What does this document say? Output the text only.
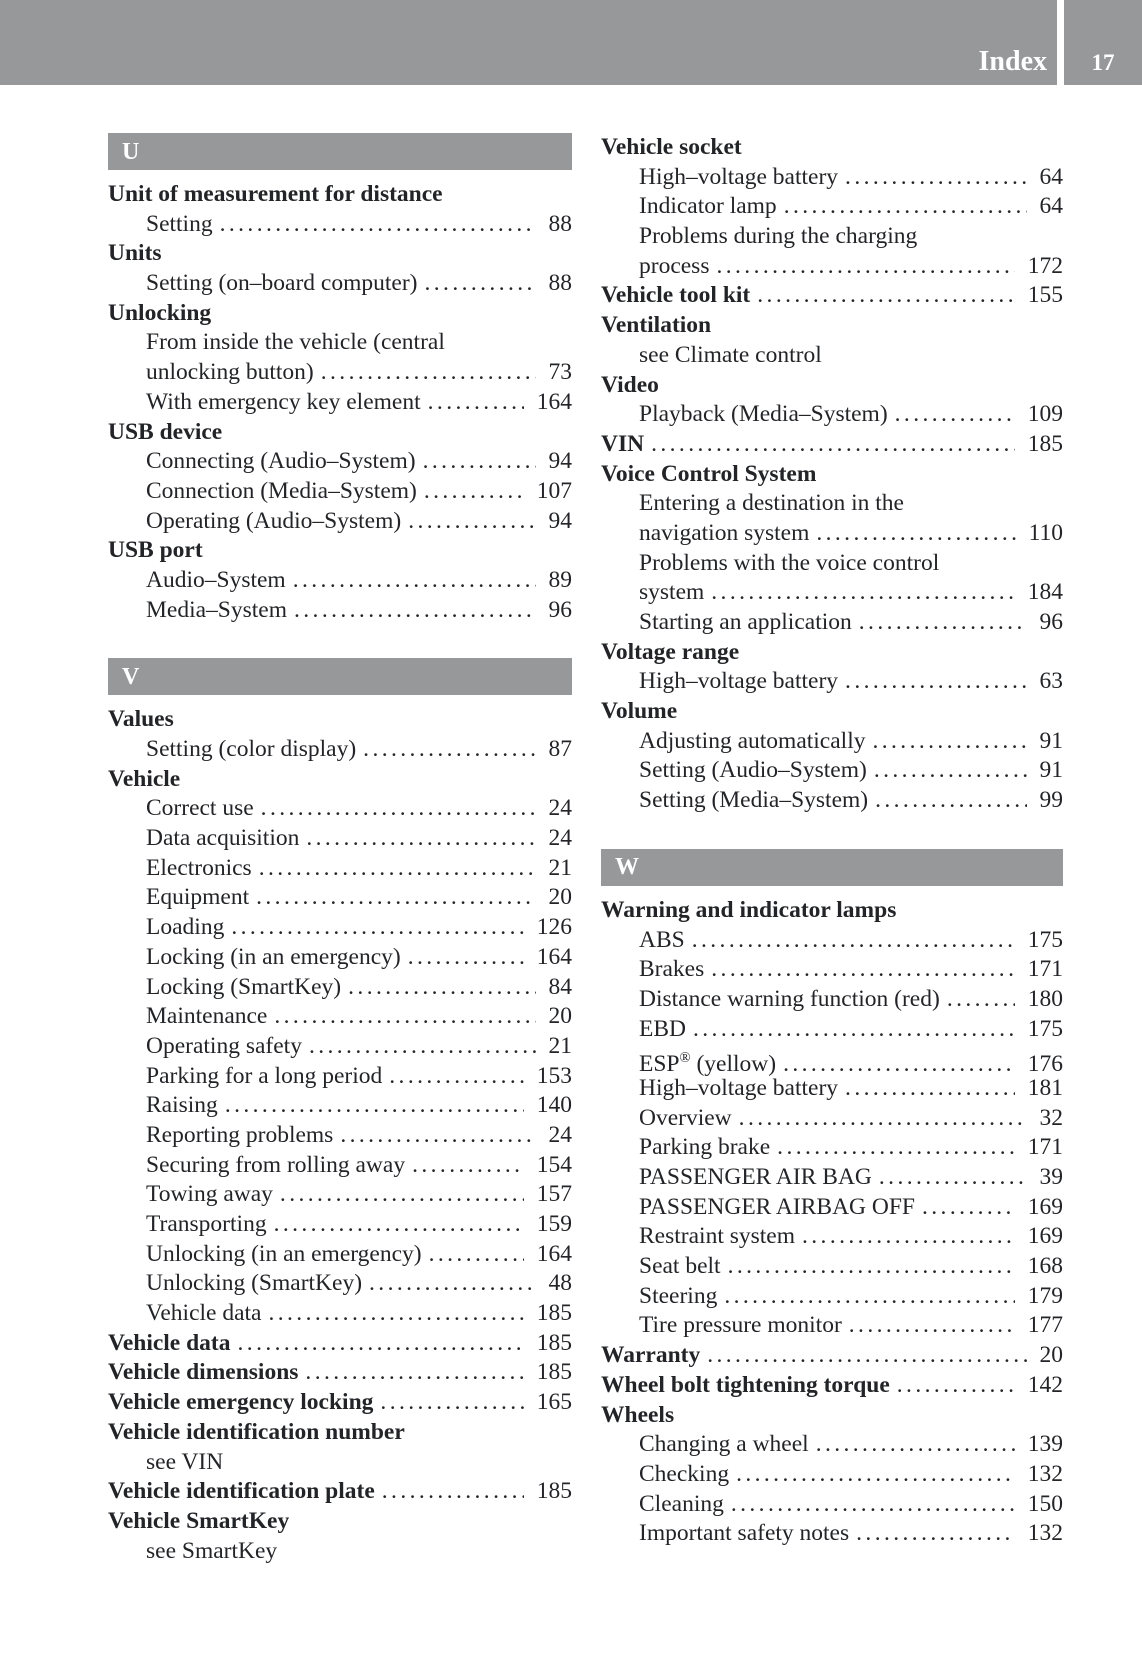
Index 17
U
Unit of measurement for distance
Setting .....	88
Units
Setting (on–board computer) .....	88
Unlocking
From inside the vehicle (central
unlocking button) .....	73
With emergency key element .....	164
USB device
Connecting (Audio–System) .....	94
Connection (Media–System) .....	107
Operating (Audio–System) .....	94
USB port
Audio–System .....	89
Media–System .....	96
V
Values
Setting (color display) .....	87
Vehicle
Correct use .....	24
Data acquisition .....	24
Electronics .....	21
Equipment .....	20
Loading .....	126
Locking (in an emergency) .....	164
Locking (SmartKey) .....	84
Maintenance .....	20
Operating safety .....	21
Parking for a long period .....	153
Raising .....	140
Reporting problems .....	24
Securing from rolling away .....	154
Towing away .....	157
Transporting .....	159
Unlocking (in an emergency) .....	164
Unlocking (SmartKey) .....	48
Vehicle data .....	185
Vehicle data .....	185
Vehicle dimensions .....	185
Vehicle emergency locking .....	165
Vehicle identification number
see VIN
Vehicle identification plate .....	185
Vehicle SmartKey
see SmartKey
Vehicle socket
High–voltage battery .....	64
Indicator lamp .....	64
Problems during the charging
process .....	172
Vehicle tool kit .....	155
Ventilation
see Climate control
Video
Playback (Media–System) .....	109
VIN .....	185
Voice Control System
Entering a destination in the
navigation system .....	110
Problems with the voice control
system .....	184
Starting an application .....	96
Voltage range
High–voltage battery .....	63
Volume
Adjusting automatically .....	91
Setting (Audio–System) .....	91
Setting (Media–System) .....	99
W
Warning and indicator lamps
ABS .....	175
Brakes .....	171
Distance warning function (red) .....	180
EBD .....	175
ESP® (yellow) .....	176
High–voltage battery .....	181
Overview .....	32
Parking brake .....	171
PASSENGER AIR BAG .....	39
PASSENGER AIRBAG OFF .....	169
Restraint system .....	169
Seat belt .....	168
Steering .....	179
Tire pressure monitor .....	177
Warranty .....	20
Wheel bolt tightening torque .....	142
Wheels
Changing a wheel .....	139
Checking .....	132
Cleaning .....	150
Important safety notes .....	132
